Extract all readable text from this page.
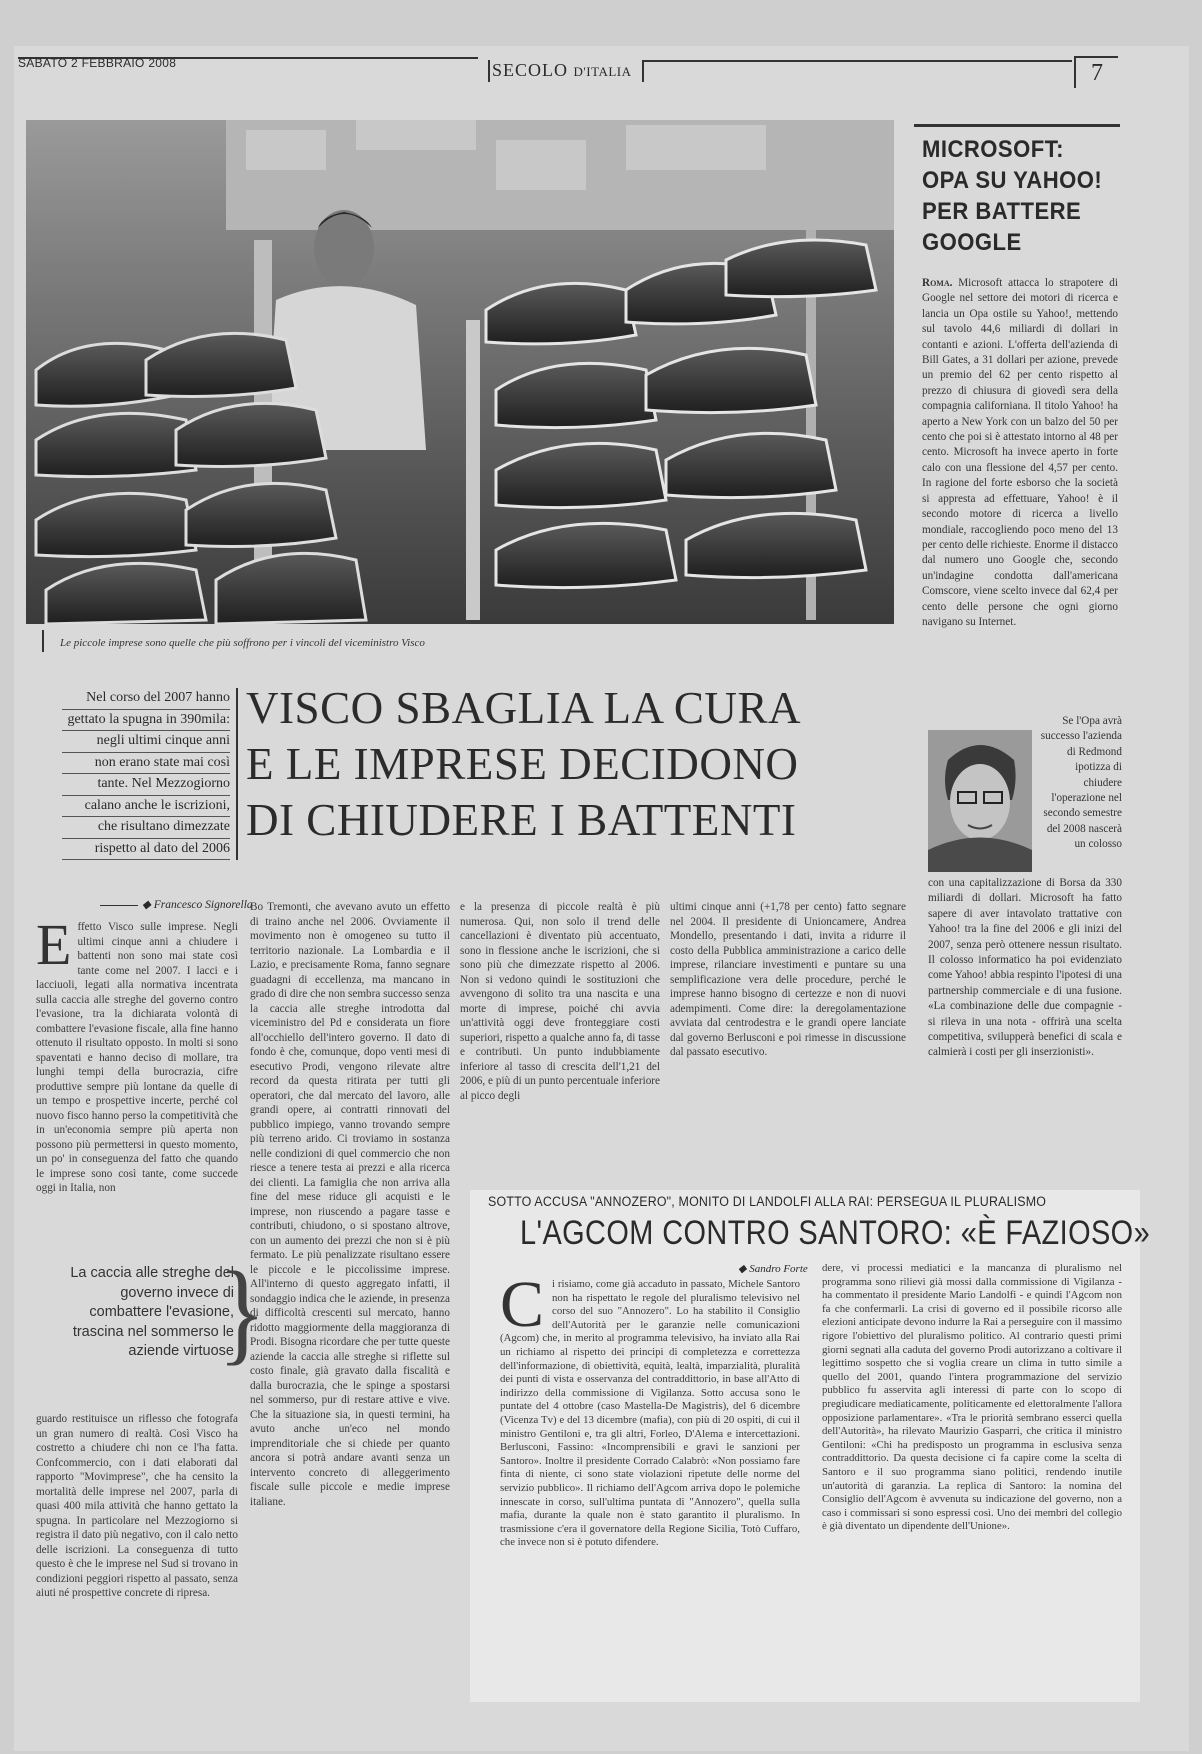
SABATO 2 FEBBRAIO 2008	SECOLO D'ITALIA	7
Le piccole imprese sono quelle che più soffrono per i vincoli del viceministro Visco
MICROSOFT:
OPA SU YAHOO!
PER BATTERE
GOOGLE

Roma. Microsoft attacca lo strapotere di Google nel settore dei motori di ricerca e lancia un Opa ostile su Yahoo!, mettendo sul tavolo 44,6 miliardi di dollari in contanti e azioni. L'offerta dell'azienda di Bill Gates, a 31 dollari per azione, prevede un premio del 62 per cento rispetto al prezzo di chiusura di giovedì sera della compagnia californiana. Il titolo Yahoo! ha aperto a New York con un balzo del 50 per cento che poi si è attestato intorno al 48 per cento. Microsoft ha invece aperto in forte calo con una flessione del 4,57 per cento. In ragione del forte esborso che la società si appresta ad effettuare, Yahoo! è il secondo motore di ricerca a livello mondiale, raccogliendo poco meno del 13 per cento delle richieste. Enorme il distacco dal numero uno Google che, secondo un'indagine condotta dall'americana Comscore, viene scelto invece dal 62,4 per cento delle persone che ogni giorno navigano su Internet.

Se l'Opa avrà successo l'azienda di Redmond ipotizza di chiudere l'operazione nel secondo semestre del 2008 nascerà un colosso
con una capitalizzazione di Borsa da 330 miliardi di dollari. Microsoft ha fatto sapere di aver intavolato trattative con Yahoo! tra la fine del 2006 e gli inizi del 2007, senza però ottenere nessun risultato. Il colosso informatico ha poi evidenziato come Yahoo! abbia respinto l'ipotesi di una partnership commerciale e di una fusione. «La combinazione delle due compagnie - si rileva in una nota - offrirà una scelta competitiva, svilupperà benefici di scala e calmierà i costi per gli inserzionisti».
Nel corso del 2007 hanno
gettato la spugna in 390mila:
negli ultimi cinque anni
non erano state mai così
tante. Nel Mezzogiorno
calano anche le iscrizioni,
che risultano dimezzate
rispetto al dato del 2006
VISCO SBAGLIA LA CURA
E LE IMPRESE DECIDONO
DI CHIUDERE I BATTENTI
◆ Francesco Signorella

Effetto Visco sulle imprese. Negli ultimi cinque anni a chiudere i battenti non sono mai state così tante come nel 2007. I lacci e i lacciuoli, legati alla normativa incentrata sulla caccia alle streghe del governo contro l'evasione, tra la dichiarata volontà di combattere l'evasione fiscale, alla fine hanno ottenuto il risultato opposto. In molti si sono spaventati e hanno deciso di mollare, tra lunghi tempi della burocrazia, cifre produttive sempre più lontane da quelle di un tempo e prospettive incerte, perché col nuovo fisco hanno perso la competitività che in un'economia sempre più aperta non possono più permettersi in questo momento, un po' in conseguenza del fatto che quando le imprese sono così tante, come succede oggi in Italia, non

La caccia alle streghe del governo invece di combattere l'evasione, trascina nel sommerso le aziende virtuose
}
guardo restituisce un riflesso che fotografa un gran numero di realtà. Così Visco ha costretto a chiudere chi non ce l'ha fatta. Confcommercio, con i dati elaborati dal rapporto "Movimprese", che ha censito la mortalità delle imprese nel 2007, parla di quasi 400 mila attività che hanno gettato la spugna. In particolare nel Mezzogiorno si registra il dato più negativo, con il calo netto delle iscrizioni. La conseguenza di tutto questo è che le imprese nel Sud si trovano in condizioni peggiori rispetto al passato, senza aiuti né prospettive concrete di ripresa.
Bo Tremonti, che avevano avuto un effetto di traino anche nel 2006. Ovviamente il movimento non è omogeneo su tutto il territorio nazionale. La Lombardia e il Lazio, e precisamente Roma, fanno segnare guadagni di eccellenza, ma mancano in grado di dire che non sembra successo senza la caccia alle streghe introdotta dal viceministro del Pd e considerata un fiore all'occhiello dell'intero governo. Il dato di fondo è che, comunque, dopo venti mesi di esecutivo Prodi, vengono rilevate altre record da questa ritirata per tutti gli operatori, che dal mercato del lavoro, alle grandi opere, ai contratti rinnovati del pubblico impiego, vanno trovando sempre più terreno arido. Ci troviamo in sostanza nelle condizioni di quel commercio che non riesce a tenere testa ai prezzi e alla ricerca dei clienti. La famiglia che non arriva alla fine del mese riduce gli acquisti e le imprese, non riuscendo a pagare tasse e contributi, chiudono, o si spostano altrove, con un aumento dei prezzi che non si è più fermato. Le più penalizzate risultano essere le piccole e le piccolissime imprese. All'interno di questo aggregato infatti, il sondaggio indica che le aziende, in presenza di difficoltà crescenti sul mercato, hanno ridotto maggiormente della maggioranza di Prodi. Bisogna ricordare che per tutte queste aziende la caccia alle streghe si riflette sul costo finale, già gravato dalla fiscalità e dalla burocrazia, che le spinge a spostarsi nel sommerso, pur di restare attive e vive. Che la situazione sia, in questi termini, ha avuto anche un'eco nel mondo imprenditoriale che si chiede per quanto ancora si potrà andare avanti senza un intervento concreto di alleggerimento fiscale sulle piccole e medie imprese italiane.
e la presenza di piccole realtà è più numerosa. Qui, non solo il trend delle cancellazioni è diventato più accentuato, sono in flessione anche le iscrizioni, che si sono più che dimezzate rispetto al 2006. Non si vedono quindi le sostituzioni che avvengono di solito tra una nascita e una morte di imprese, poiché chi avvia un'attività oggi deve fronteggiare costi superiori, rispetto a qualche anno fa, di tasse e contributi. Un punto indubbiamente inferiore al tasso di crescita dell'1,21 del 2006, e più di un punto percentuale inferiore al picco degli
ultimi cinque anni (+1,78 per cento) fatto segnare nel 2004. Il presidente di Unioncamere, Andrea Mondello, presentando i dati, invita a ridurre il costo della Pubblica amministrazione a carico delle imprese, rilanciare investimenti e puntare su una semplificazione vera delle procedure, perché le imprese hanno bisogno di certezze e non di nuovi adempimenti. Come dire: la deregolamentazione avviata dal centrodestra e le grandi opere lanciate dal governo Berlusconi e poi rimesse in discussione dal passato esecutivo.
SOTTO ACCUSA "ANNOZERO", MONITO DI LANDOLFI ALLA RAI: PERSEGUA IL PLURALISMO
L'AGCOM CONTRO SANTORO: «È FAZIOSO»
◆ Sandro Forte

Ci risiamo, come già accaduto in passato, Michele Santoro non ha rispettato le regole del pluralismo televisivo nel corso del suo "Annozero". Lo ha stabilito il Consiglio dell'Autorità per le garanzie nelle comunicazioni (Agcom) che, in merito al programma televisivo, ha inviato alla Rai un richiamo al rispetto dei principi di completezza e correttezza dell'informazione, di obiettività, equità, lealtà, imparzialità, pluralità dei punti di vista e osservanza del contraddittorio, in base all'Atto di indirizzo della commissione di Vigilanza. Sotto accusa sono le puntate del 4 ottobre (caso Mastella-De Magistris), del 6 dicembre (Vicenza Tv) e del 13 dicembre (mafia), con più di 20 ospiti, di cui il ministro Gentiloni e, tra gli altri, Forleo, D'Alema e intercettazioni. Berlusconi, Fassino: «Incomprensibili e gravi le sanzioni per Santoro». Inoltre il presidente Corrado Calabrò: «Non possiamo fare finta di niente, ci sono state violazioni ripetute delle norme del servizio pubblico». Il richiamo dell'Agcom arriva dopo le polemiche innescate in corso, sull'ultima puntata di "Annozero", quella sulla mafia, durante la quale non è stato garantito il pluralismo. In trasmissione c'era il governatore della Regione Sicilia, Totò Cuffaro, che invece non si è potuto difendere.

dere, vi processi mediatici e la mancanza di pluralismo nel programma sono rilievi già mossi dalla commissione di Vigilanza - ha commentato il presidente Mario Landolfi - e quindi l'Agcom non fa che confermarli. La crisi di governo ed il possibile ricorso alle elezioni anticipate devono indurre la Rai a perseguire con il massimo rigore l'obiettivo del pluralismo politico. Al contrario questi primi giorni segnati alla caduta del governo Prodi autorizzano a coltivare il legittimo sospetto che si voglia creare un clima in tutto simile a quello del 2001, quando l'intera programmazione del servizio pubblico fu asservita agli interessi di parte con lo scopo di pregiudicare mediaticamente, politicamente ed elettoralmente l'allora opposizione parlamentare». «Tra le priorità sembrano esserci quella dell'Autorità», ha rilevato Maurizio Gasparri, che critica il ministro Gentiloni: «Chi ha predisposto un programma in esclusiva senza contraddittorio. Da questa decisione ci fa capire come la scelta di Santoro e il suo programma siano politici, rendendo inutile un'autorità di garanzia. La replica di Santoro: la nomina del Consiglio dell'Agcom è avvenuta su indicazione del governo, non a caso i commissari si sono espressi così. Uno dei membri del collegio è già diventato un dipendente dell'Unione».
